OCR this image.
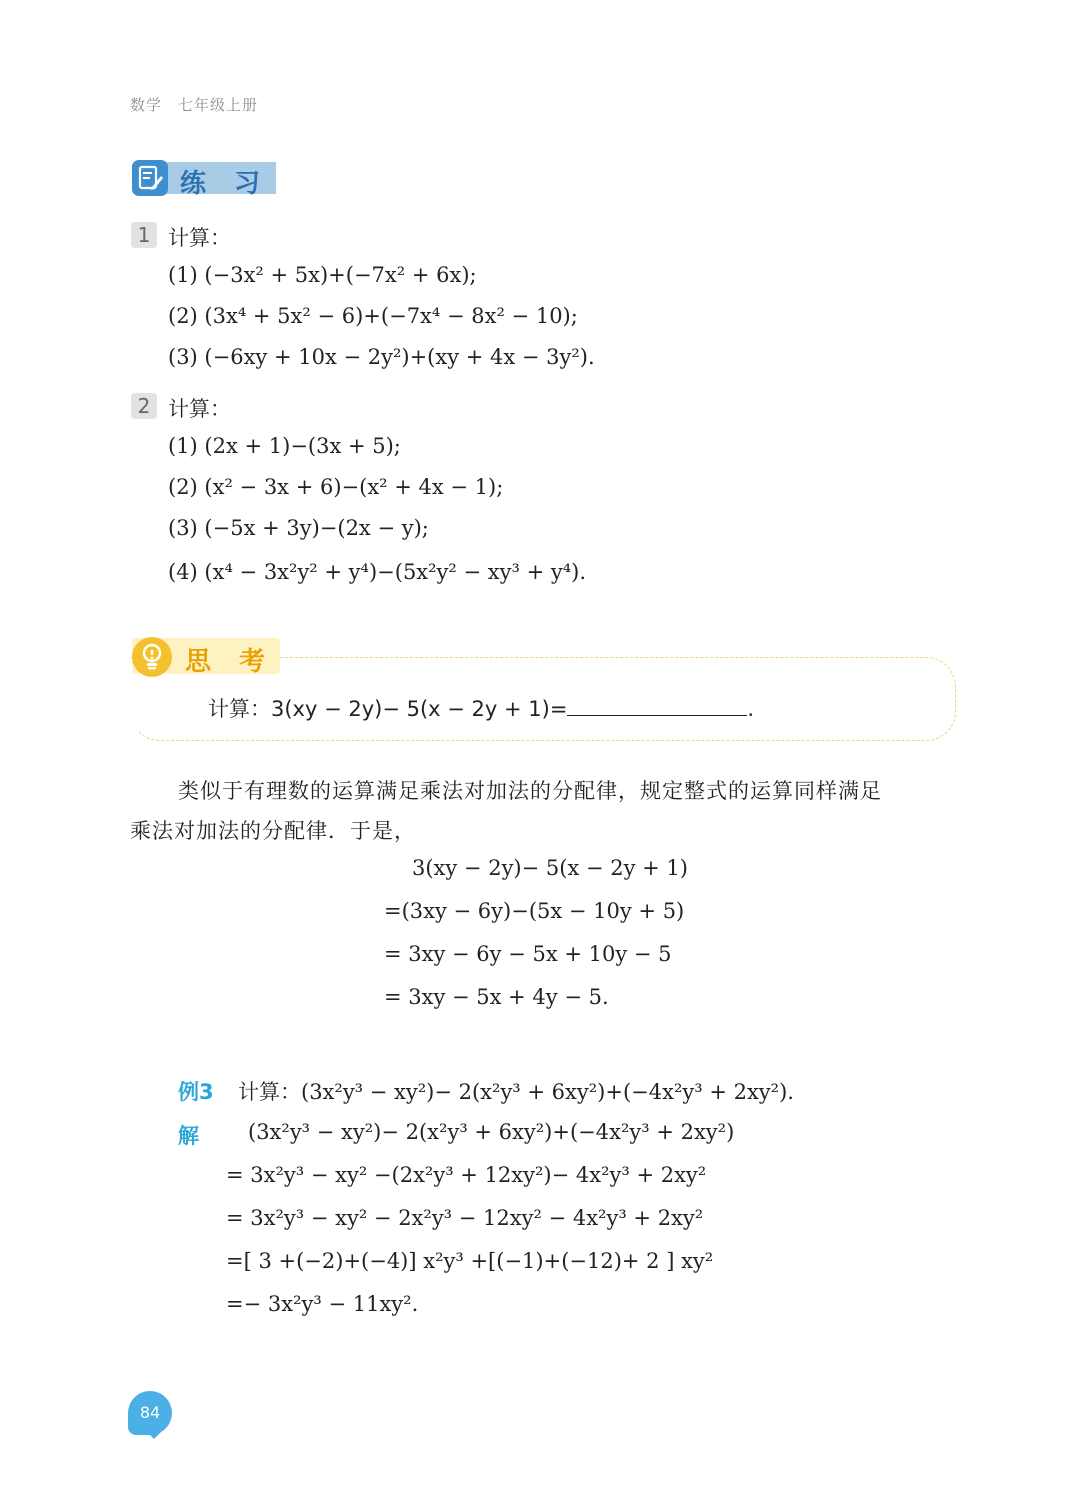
数学　七年级上册
练习
1 计算：
(1) (−3x² + 5x)+(−7x² + 6x);
(2) (3x⁴ + 5x² − 6)+(−7x⁴ − 8x² − 10);
(3) (−6xy + 10x − 2y²)+(xy + 4x − 3y²).
2 计算：
(1) (2x + 1)−(3x + 5);
(2) (x² − 3x + 6)−(x² + 4x − 1);
(3) (−5x + 3y)−(2x − y);
(4) (x⁴ − 3x²y² + y⁴)−(5x²y² − xy³ + y⁴).
思考
计算：3(xy − 2y)− 5(x − 2y + 1)=	.
类似于有理数的运算满足乘法对加法的分配律，规定整式的运算同样满足
乘法对加法的分配律．于是，
3(xy − 2y)− 5(x − 2y + 1)
=(3xy − 6y)−(5x − 10y + 5)
= 3xy − 6y − 5x + 10y − 5
= 3xy − 5x + 4y − 5.
例3 计算：(3x²y³ − xy²)− 2(x²y³ + 6xy²)+(−4x²y³ + 2xy²).
解 (3x²y³ − xy²)− 2(x²y³ + 6xy²)+(−4x²y³ + 2xy²)
= 3x²y³ − xy² −(2x²y³ + 12xy²)− 4x²y³ + 2xy²
= 3x²y³ − xy² − 2x²y³ − 12xy² − 4x²y³ + 2xy²
=[ 3 +(−2)+(−4)] x²y³ +[(−1)+(−12)+ 2 ] xy²
=− 3x²y³ − 11xy².
84
